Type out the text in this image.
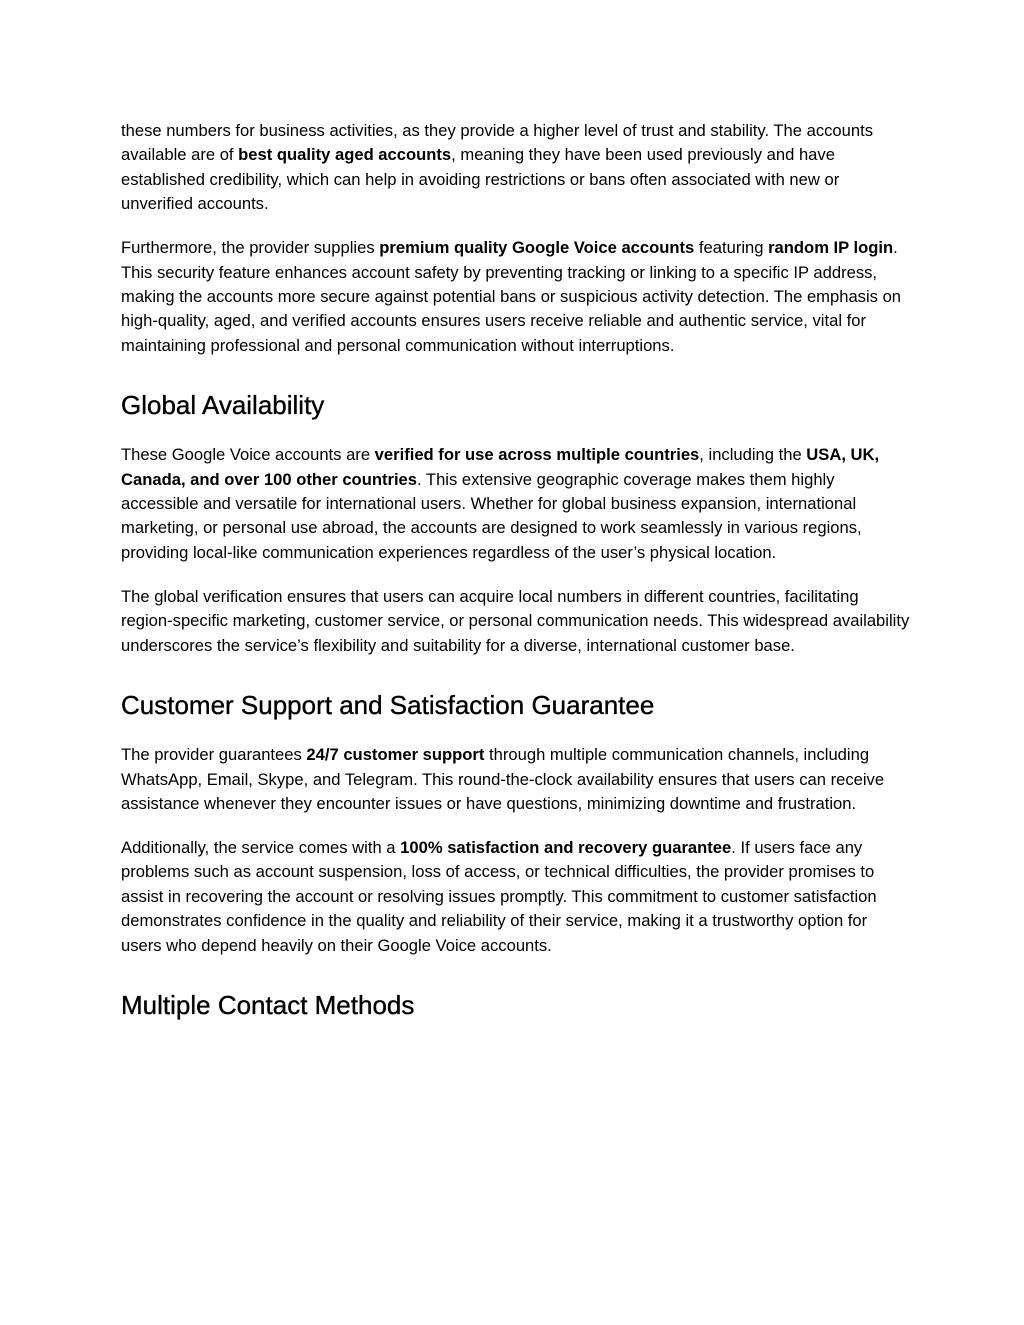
these numbers for business activities, as they provide a higher level of trust and stability. The accounts available are of best quality aged accounts, meaning they have been used previously and have established credibility, which can help in avoiding restrictions or bans often associated with new or unverified accounts.

Furthermore, the provider supplies premium quality Google Voice accounts featuring random IP login. This security feature enhances account safety by preventing tracking or linking to a specific IP address, making the accounts more secure against potential bans or suspicious activity detection. The emphasis on high-quality, aged, and verified accounts ensures users receive reliable and authentic service, vital for maintaining professional and personal communication without interruptions.

Global Availability

These Google Voice accounts are verified for use across multiple countries, including the USA, UK, Canada, and over 100 other countries. This extensive geographic coverage makes them highly accessible and versatile for international users. Whether for global business expansion, international marketing, or personal use abroad, the accounts are designed to work seamlessly in various regions, providing local-like communication experiences regardless of the user’s physical location.

The global verification ensures that users can acquire local numbers in different countries, facilitating region-specific marketing, customer service, or personal communication needs. This widespread availability underscores the service’s flexibility and suitability for a diverse, international customer base.

Customer Support and Satisfaction Guarantee

The provider guarantees 24/7 customer support through multiple communication channels, including WhatsApp, Email, Skype, and Telegram. This round-the-clock availability ensures that users can receive assistance whenever they encounter issues or have questions, minimizing downtime and frustration.

Additionally, the service comes with a 100% satisfaction and recovery guarantee. If users face any problems such as account suspension, loss of access, or technical difficulties, the provider promises to assist in recovering the account or resolving issues promptly. This commitment to customer satisfaction demonstrates confidence in the quality and reliability of their service, making it a trustworthy option for users who depend heavily on their Google Voice accounts.

Multiple Contact Methods
